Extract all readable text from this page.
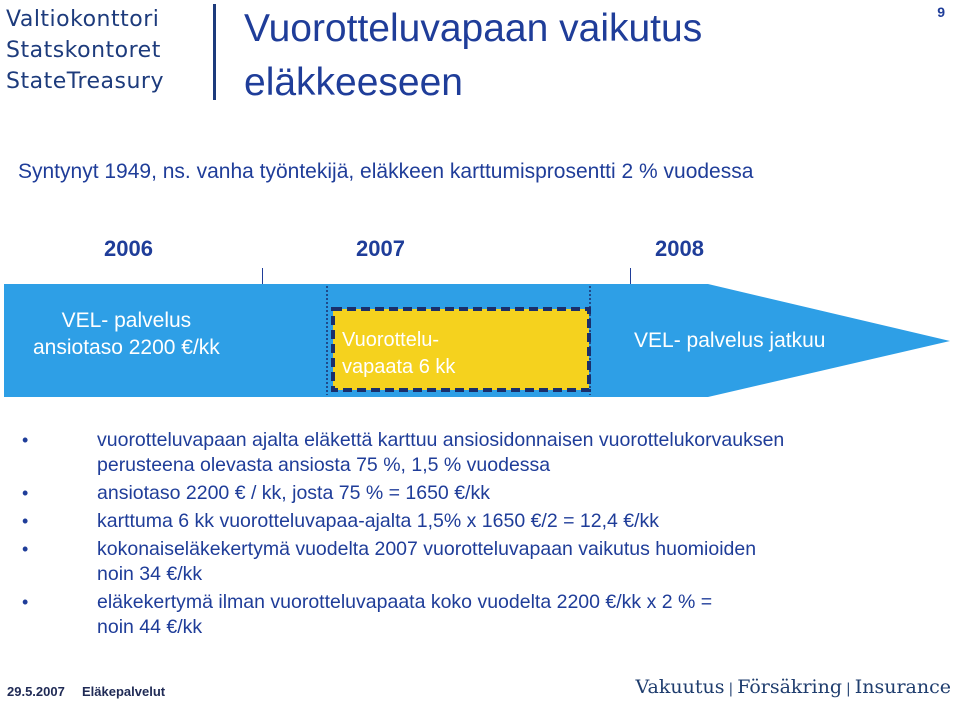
Valtiokonttori
Statskontoret
StateTreasury
Vuorotteluvapaan vaikutus eläkkeeseen
9
Syntynyt 1949, ns. vanha työntekijä, eläkkeen karttumisprosentti 2 % vuodessa
2006	2007	2008
VEL- palvelus
ansiotaso 2200 €/kk	Vuorottelu-
vapaata 6 kk
VEL- palvelus jatkuu
•	vuorotteluvapaan ajalta eläkettä karttuu ansiosidonnaisen vuorottelukorvauksen
perusteena olevasta ansiosta 75 %, 1,5 % vuodessa
•	ansiotaso 2200 € / kk, josta 75 % = 1650 €/kk
•	karttuma 6 kk vuorotteluvapaa-ajalta 1,5% x 1650 €/2 = 12,4 €/kk
•	kokonaiseläkekertymä vuodelta 2007 vuorotteluvapaan vaikutus huomioiden
noin 34 €/kk
•	eläkekertymä ilman vuorotteluvapaata koko vuodelta 2200 €/kk x 2 % =
noin 44 €/kk
29.5.2007 Eläkepalvelut	Vakuutus | Försäkring | Insurance
